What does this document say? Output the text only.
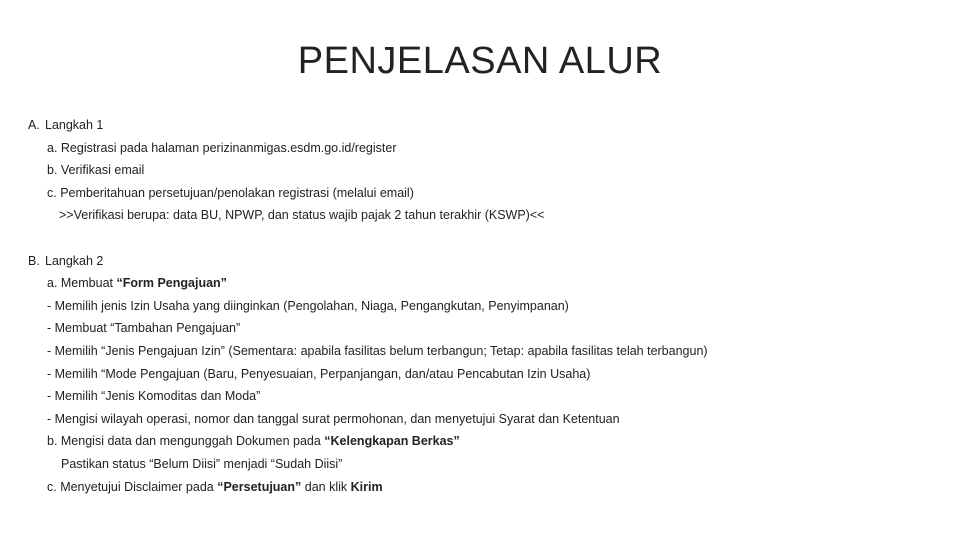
PENJELASAN ALUR
A. Langkah 1
a. Registrasi pada halaman perizinanmigas.esdm.go.id/register
b. Verifikasi email
c. Pemberitahuan persetujuan/penolakan registrasi (melalui email)
>>Verifikasi berupa: data BU, NPWP, dan status wajib pajak 2 tahun terakhir (KSWP)<<
B. Langkah 2
a. Membuat “Form Pengajuan”
- Memilih jenis Izin Usaha yang diinginkan (Pengolahan, Niaga, Pengangkutan, Penyimpanan)
- Membuat “Tambahan Pengajuan”
- Memilih “Jenis Pengajuan Izin” (Sementara: apabila fasilitas belum terbangun; Tetap: apabila fasilitas telah terbangun)
- Memilih “Mode Pengajuan (Baru, Penyesuaian, Perpanjangan, dan/atau Pencabutan Izin Usaha)
- Memilih “Jenis Komoditas dan Moda”
- Mengisi wilayah operasi, nomor dan tanggal surat permohonan, dan menyetujui Syarat dan Ketentuan
b. Mengisi data dan mengunggah Dokumen pada “Kelengkapan Berkas”
Pastikan status “Belum Diisi” menjadi “Sudah Diisi”
c. Menyetujui Disclaimer pada “Persetujuan” dan klik Kirim
